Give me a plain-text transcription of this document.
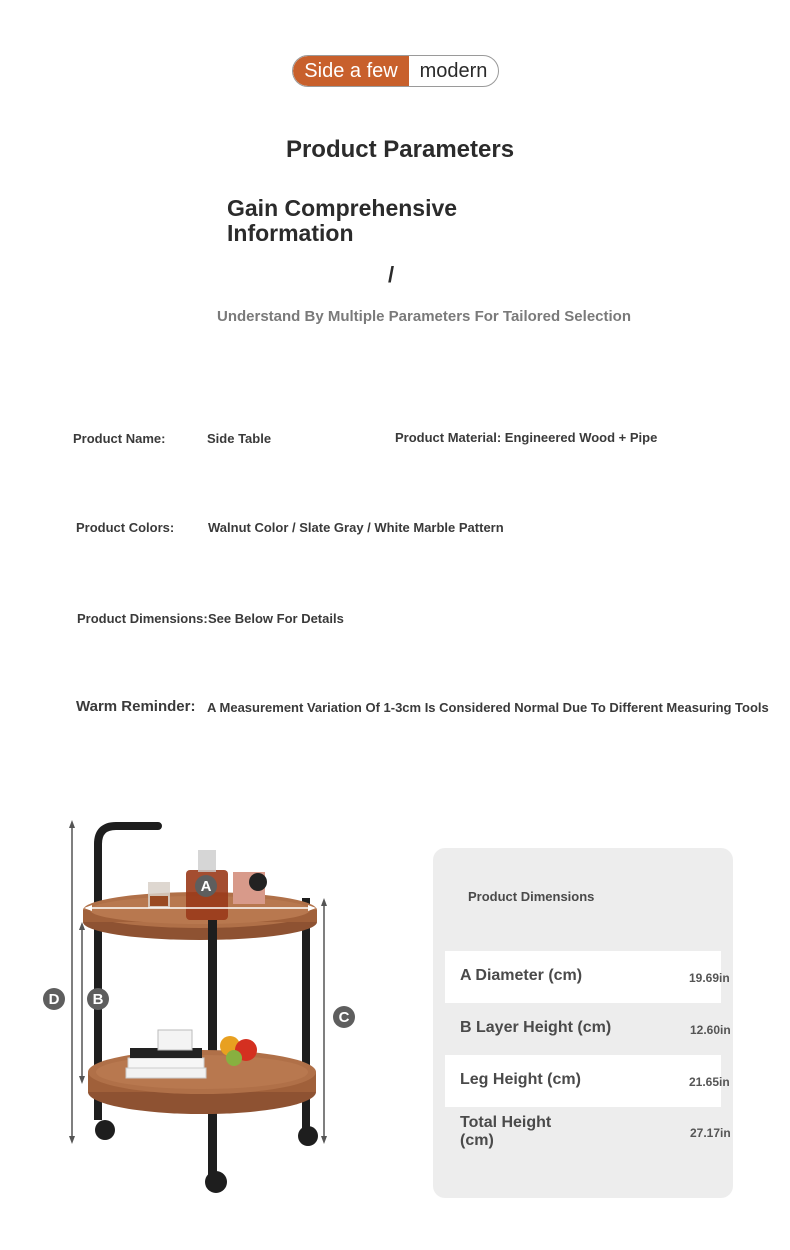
Side a few	modern
Product Parameters
Gain Comprehensive Information
/
Understand By Multiple Parameters For Tailored Selection
Product Name:	Side Table	Product Material: Engineered Wood + Pipe
Product Colors:	Walnut Color / Slate Gray / White Marble Pattern
Product Dimensions: See Below For Details
Warm Reminder: A Measurement Variation Of 1-3cm Is Considered Normal Due To Different Measuring Tools
A
D B
C
Product Dimensions
A Diameter (cm)	19.69in
B Layer Height (cm)	12.60in
Leg Height (cm)	21.65in
Total Height (cm)	27.17in
